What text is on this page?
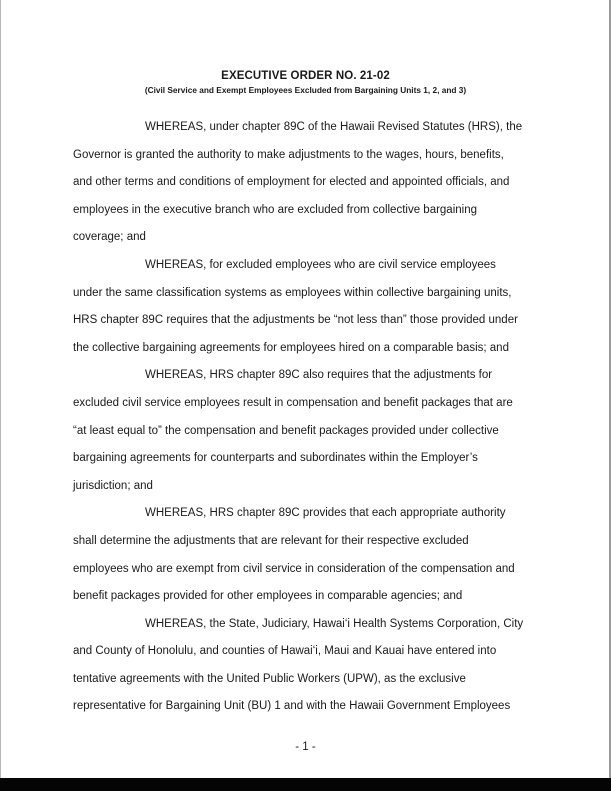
EXECUTIVE ORDER NO. 21-02
(Civil Service and Exempt Employees Excluded from Bargaining Units 1, 2, and 3)
WHEREAS, under chapter 89C of the Hawaii Revised Statutes (HRS), the
Governor is granted the authority to make adjustments to the wages, hours, benefits,
and other terms and conditions of employment for elected and appointed officials, and
employees in the executive branch who are excluded from collective bargaining
coverage; and
WHEREAS, for excluded employees who are civil service employees
under the same classification systems as employees within collective bargaining units,
HRS chapter 89C requires that the adjustments be “not less than” those provided under
the collective bargaining agreements for employees hired on a comparable basis; and
WHEREAS, HRS chapter 89C also requires that the adjustments for
excluded civil service employees result in compensation and benefit packages that are
“at least equal to” the compensation and benefit packages provided under collective
bargaining agreements for counterparts and subordinates within the Employer’s
jurisdiction; and
WHEREAS, HRS chapter 89C provides that each appropriate authority
shall determine the adjustments that are relevant for their respective excluded
employees who are exempt from civil service in consideration of the compensation and
benefit packages provided for other employees in comparable agencies; and
WHEREAS, the State, Judiciary, Hawai‘i Health Systems Corporation, City
and County of Honolulu, and counties of Hawai‘i, Maui and Kauai have entered into
tentative agreements with the United Public Workers (UPW), as the exclusive
representative for Bargaining Unit (BU) 1 and with the Hawaii Government Employees
- 1 -
